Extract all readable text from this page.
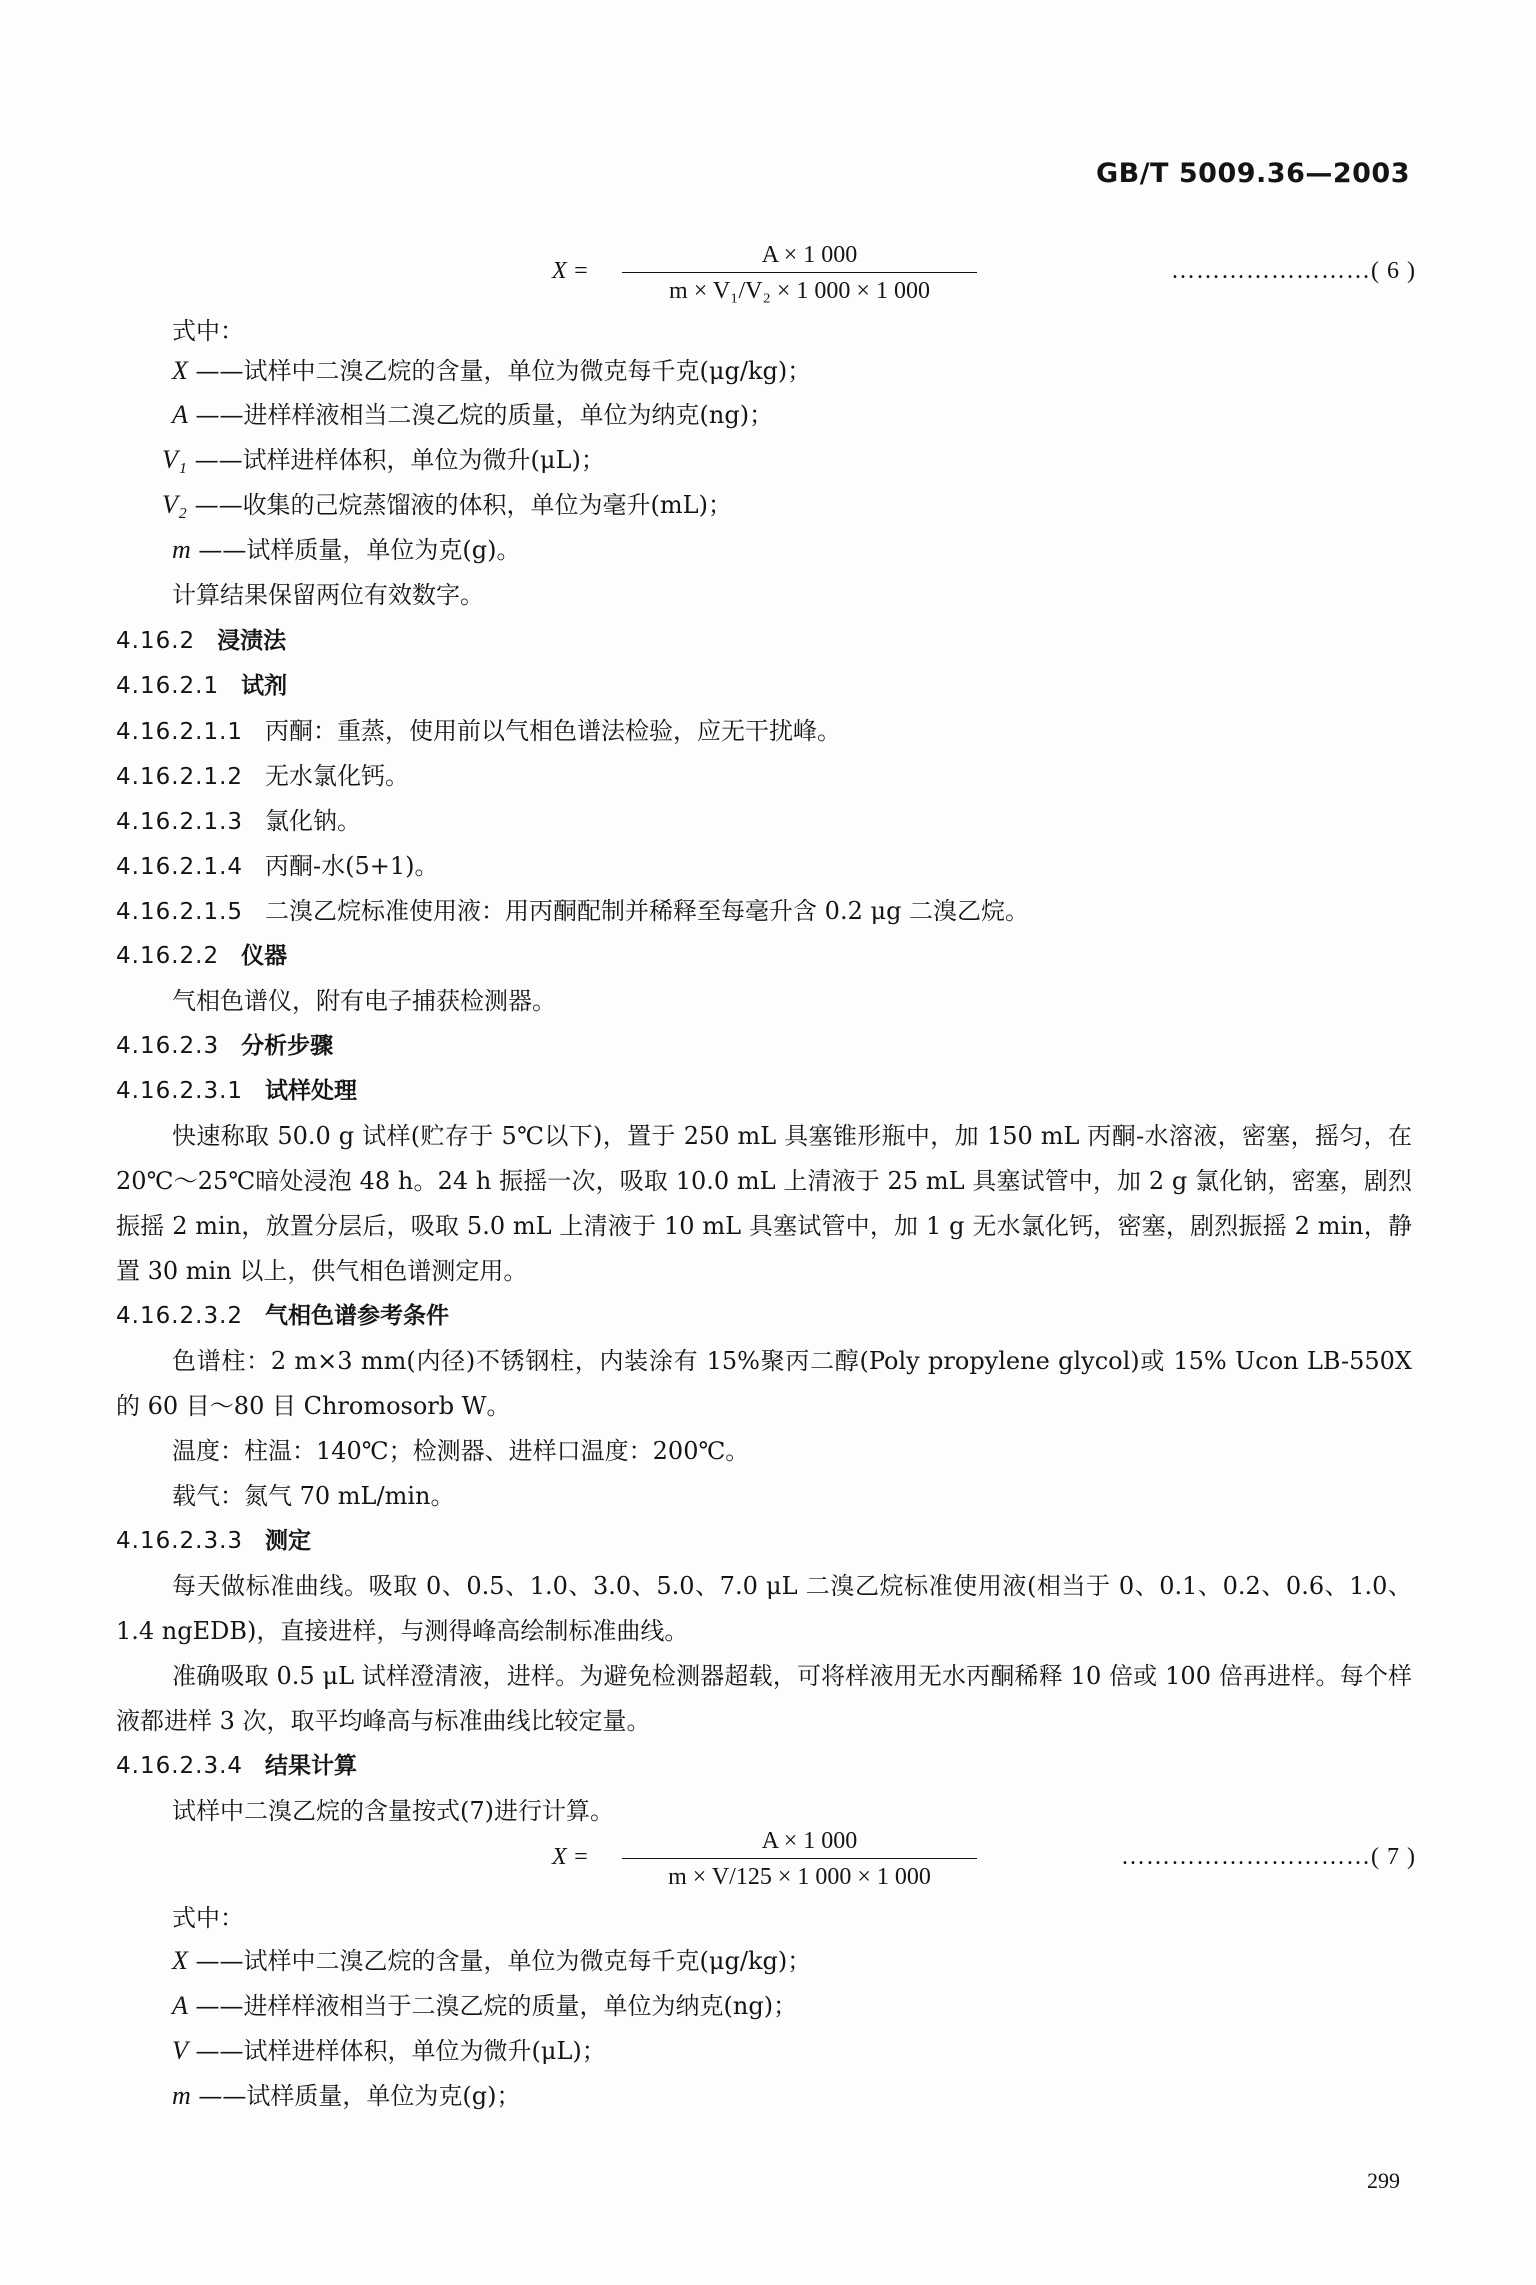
GB/T 5009.36—2003
X =
A × 1 000
m × V₁/V₂ × 1 000 × 1 000
……………………( 6 )
式中：
X ——试样中二溴乙烷的含量，单位为微克每千克(μg/kg)；
A ——进样样液相当二溴乙烷的质量，单位为纳克(ng)；
V₁ ——试样进样体积，单位为微升(μL)；
V₂ ——收集的己烷蒸馏液的体积，单位为毫升(mL)；
m ——试样质量，单位为克(g)。
计算结果保留两位有效数字。
4.16.2 浸渍法
4.16.2.1 试剂
4.16.2.1.1 丙酮：重蒸，使用前以气相色谱法检验，应无干扰峰。
4.16.2.1.2 无水氯化钙。
4.16.2.1.3 氯化钠。
4.16.2.1.4 丙酮-水(5+1)。
4.16.2.1.5 二溴乙烷标准使用液：用丙酮配制并稀释至每毫升含 0.2 μg 二溴乙烷。
4.16.2.2 仪器
气相色谱仪，附有电子捕获检测器。
4.16.2.3 分析步骤
4.16.2.3.1 试样处理
快速称取 50.0 g 试样(贮存于 5℃以下)，置于 250 mL 具塞锥形瓶中，加 150 mL 丙酮-水溶液，密塞，摇匀，在 20℃～25℃暗处浸泡 48 h。24 h 振摇一次，吸取 10.0 mL 上清液于 25 mL 具塞试管中，加 2 g 氯化钠，密塞，剧烈振摇 2 min，放置分层后，吸取 5.0 mL 上清液于 10 mL 具塞试管中，加 1 g 无水氯化钙，密塞，剧烈振摇 2 min，静置 30 min 以上，供气相色谱测定用。
4.16.2.3.2 气相色谱参考条件
色谱柱：2 m×3 mm(内径)不锈钢柱，内装涂有 15%聚丙二醇(Poly propylene glycol)或 15% Ucon LB-550X 的 60 目～80 目 Chromosorb W。
温度：柱温：140℃；检测器、进样口温度：200℃。
载气：氮气 70 mL/min。
4.16.2.3.3 测定
每天做标准曲线。吸取 0、0.5、1.0、3.0、5.0、7.0 μL 二溴乙烷标准使用液(相当于 0、0.1、0.2、0.6、1.0、1.4 ngEDB)，直接进样，与测得峰高绘制标准曲线。
准确吸取 0.5 μL 试样澄清液，进样。为避免检测器超载，可将样液用无水丙酮稀释 10 倍或 100 倍再进样。每个样液都进样 3 次，取平均峰高与标准曲线比较定量。
4.16.2.3.4 结果计算
试样中二溴乙烷的含量按式(7)进行计算。
X =
A × 1 000
m × V/125 × 1 000 × 1 000
…………………………( 7 )
式中：
X ——试样中二溴乙烷的含量，单位为微克每千克(μg/kg)；
A ——进样样液相当于二溴乙烷的质量，单位为纳克(ng)；
V ——试样进样体积，单位为微升(μL)；
m ——试样质量，单位为克(g)；
299
